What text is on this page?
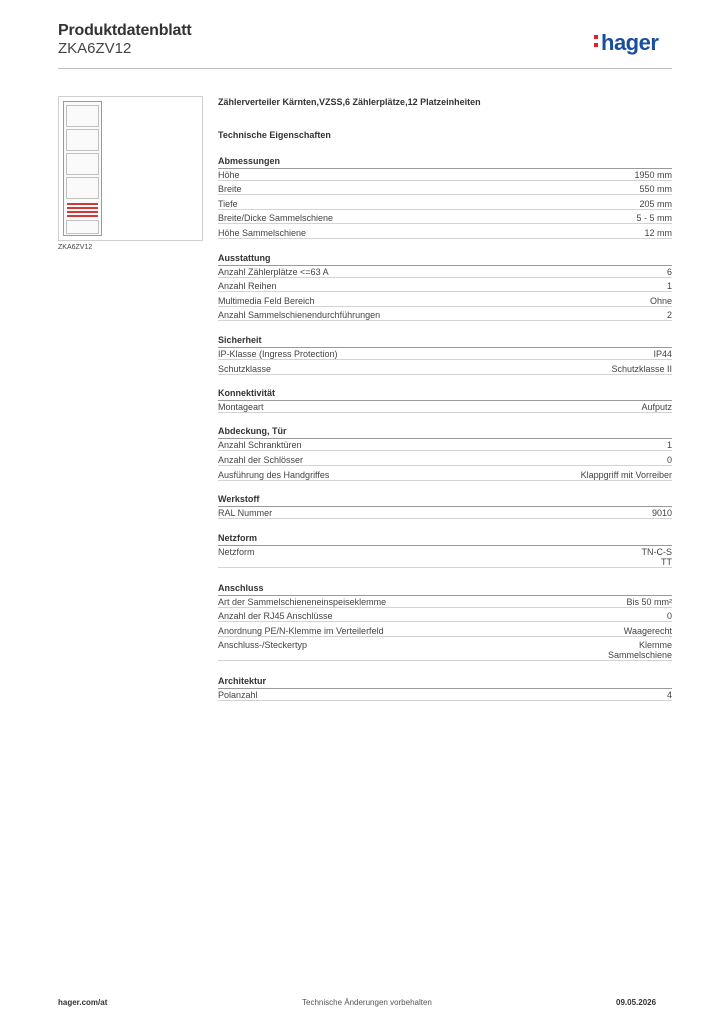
Produktdatenblatt
ZKA6ZV12	hager
ZKA6ZV12
Zählerverteiler Kärnten,VZSS,6 Zählerplätze,12 Platzeinheiten
Technische Eigenschaften
Abmessungen
Höhe	1950 mm
Breite	550 mm
Tiefe	205 mm
Breite/Dicke Sammelschiene	5 - 5 mm
Höhe Sammelschiene	12 mm
Ausstattung
Anzahl Zählerplätze <=63 A	6
Anzahl Reihen	1
Multimedia Feld Bereich	Ohne
Anzahl Sammelschienendurchführungen	2
Sicherheit
IP-Klasse (Ingress Protection)	IP44
Schutzklasse	Schutzklasse II
Konnektivität
Montageart	Aufputz
Abdeckung, Tür
Anzahl Schranktüren	1
Anzahl der Schlösser	0
Ausführung des Handgriffes	Klappgriff mit Vorreiber
Werkstoff
RAL Nummer	9010
Netzform
Netzform	TN-C-S
TT
Anschluss
Art der Sammelschieneneinspeiseklemme	Bis 50 mm²
Anzahl der RJ45 Anschlüsse	0
Anordnung PE/N-Klemme im Verteilerfeld	Waagerecht
Anschluss-/Steckertyp	Klemme
Sammelschiene
Architektur
Polanzahl	4
hager.com/at	Technische Änderungen vorbehalten	09.05.2026
